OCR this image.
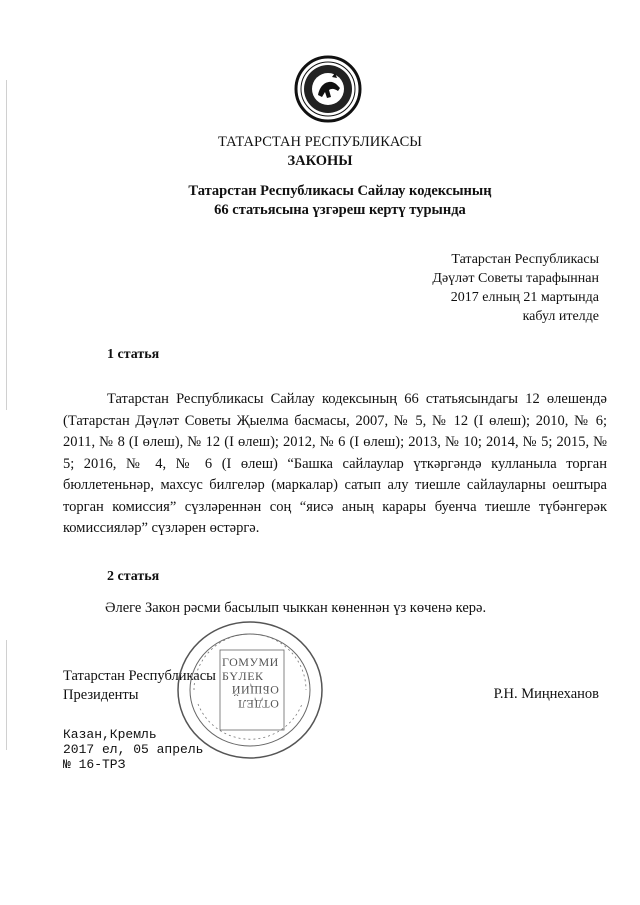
ТАТАРСТАН РЕСПУБЛИКАСЫ
ЗАКОНЫ
Татарстан Республикасы Сайлау кодексының
66 статьясына үзгәреш кертү турында
Татарстан Республикасы
Дәүләт Советы тарафыннан
2017 елның 21 мартында
кабул ителде
1 статья
Татарстан Республикасы Сайлау кодексының 66 статьясындагы 12 өлешендә (Татарстан Дәүләт Советы Җыелма басмасы, 2007, № 5, № 12 (I өлеш); 2010, № 6; 2011, № 8 (I өлеш), № 12 (I өлеш); 2012, № 6 (I өлеш); 2013, № 10; 2014, № 5; 2015, № 5; 2016, № 4, № 6 (I өлеш) “Башка сайлаулар үткәргәндә кулланыла торган бюллетеньнәр, махсус билгеләр (маркалар) сатып алу тиешле сайлауларны оештыра торган комиссия” сүзләреннән соң “яисә аның карары буенча тиешле түбәнгерәк комиссияләр” сүзләрен өстәргә.
2 статья
Әлеге Закон рәсми басылып чыккан көненнән үз көченә керә.
Татарстан Республикасы
Президенты	Р.Н. Миңнеханов
ГОМУМИ
БҮЛЕК
ОБЩИЙ
ОТДЕЛ
Казан,Кремль
2017 ел, 05 апрель
№ 16-ТРЗ
